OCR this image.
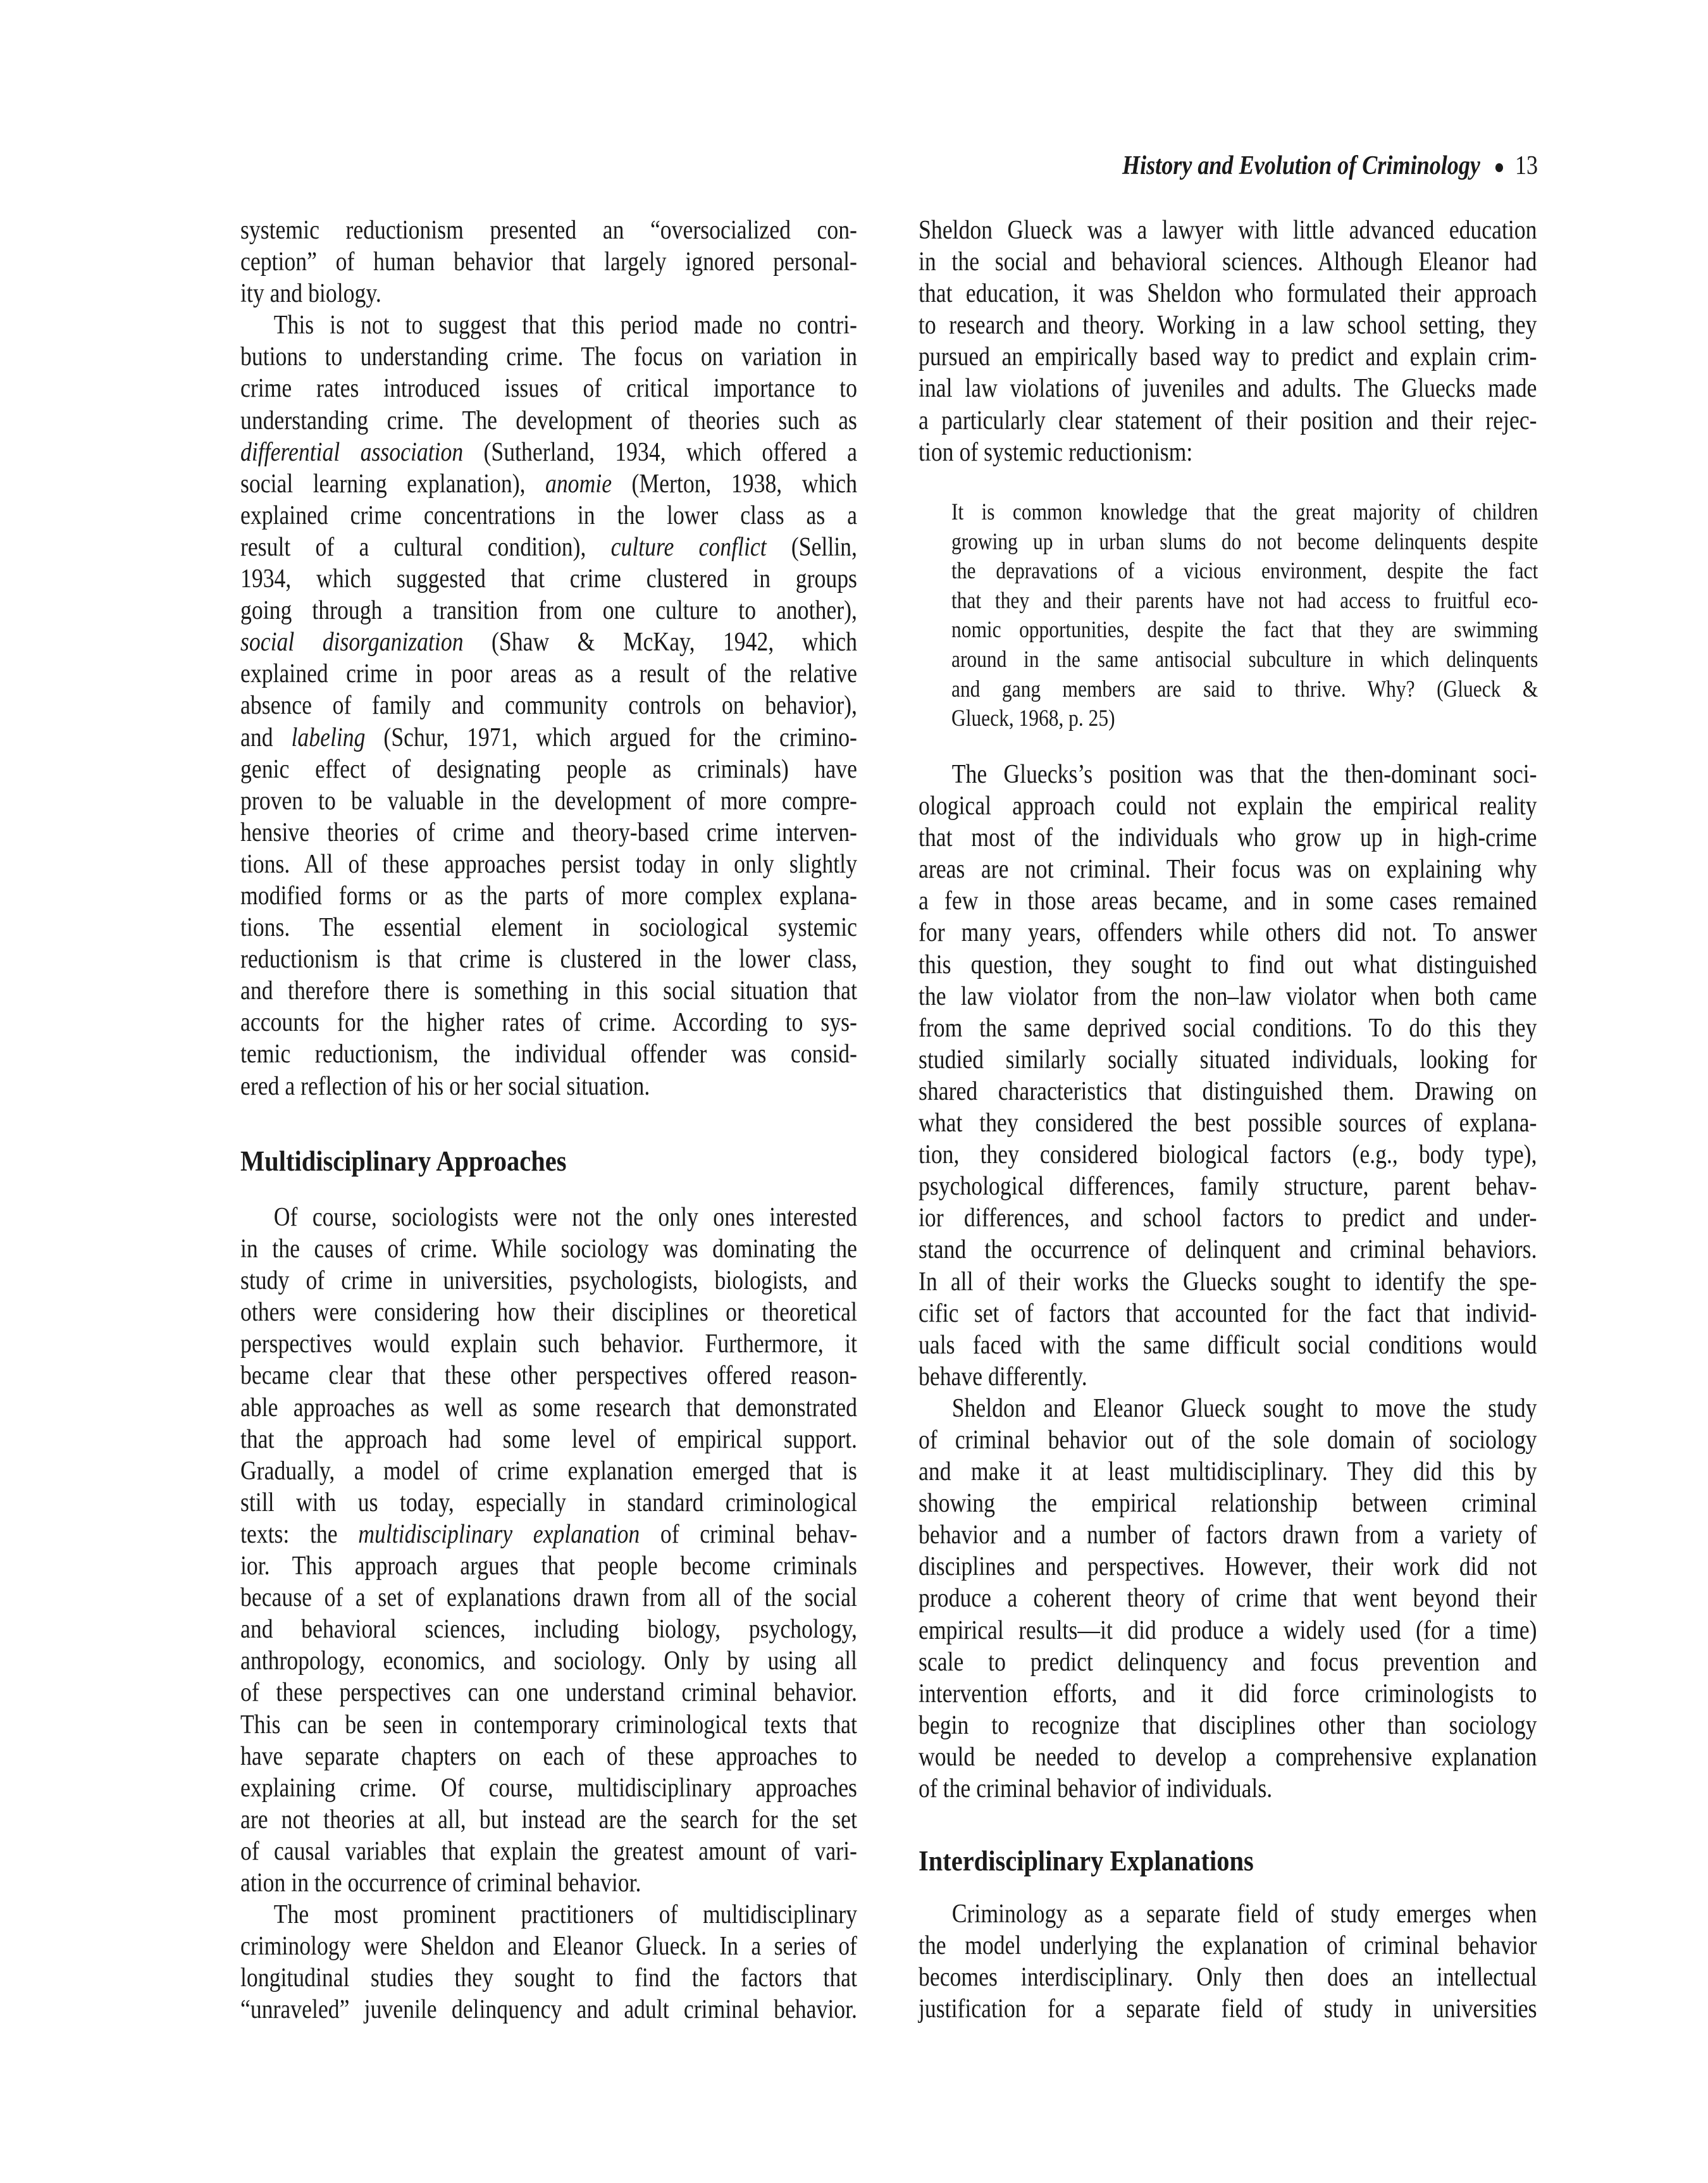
History and Evolution of Criminology 13
systemic reductionism presented an “oversocialized con-
ception” of human behavior that largely ignored personal-
ity and biology.
This is not to suggest that this period made no contri-
butions to understanding crime. The focus on variation in
crime rates introduced issues of critical importance to
understanding crime. The development of theories such as
differential association (Sutherland, 1934, which offered a
social learning explanation), anomie (Merton, 1938, which
explained crime concentrations in the lower class as a
result of a cultural condition), culture conflict (Sellin,
1934, which suggested that crime clustered in groups
going through a transition from one culture to another),
social disorganization (Shaw & McKay, 1942, which
explained crime in poor areas as a result of the relative
absence of family and community controls on behavior),
and labeling (Schur, 1971, which argued for the crimino-
genic effect of designating people as criminals) have
proven to be valuable in the development of more compre-
hensive theories of crime and theory-based crime interven-
tions. All of these approaches persist today in only slightly
modified forms or as the parts of more complex explana-
tions. The essential element in sociological systemic
reductionism is that crime is clustered in the lower class,
and therefore there is something in this social situation that
accounts for the higher rates of crime. According to sys-
temic reductionism, the individual offender was consid-
ered a reflection of his or her social situation.
Multidisciplinary Approaches
Of course, sociologists were not the only ones interested
in the causes of crime. While sociology was dominating the
study of crime in universities, psychologists, biologists, and
others were considering how their disciplines or theoretical
perspectives would explain such behavior. Furthermore, it
became clear that these other perspectives offered reason-
able approaches as well as some research that demonstrated
that the approach had some level of empirical support.
Gradually, a model of crime explanation emerged that is
still with us today, especially in standard criminological
texts: the multidisciplinary explanation of criminal behav-
ior. This approach argues that people become criminals
because of a set of explanations drawn from all of the social
and behavioral sciences, including biology, psychology,
anthropology, economics, and sociology. Only by using all
of these perspectives can one understand criminal behavior.
This can be seen in contemporary criminological texts that
have separate chapters on each of these approaches to
explaining crime. Of course, multidisciplinary approaches
are not theories at all, but instead are the search for the set
of causal variables that explain the greatest amount of vari-
ation in the occurrence of criminal behavior.
The most prominent practitioners of multidisciplinary
criminology were Sheldon and Eleanor Glueck. In a series of
longitudinal studies they sought to find the factors that
“unraveled” juvenile delinquency and adult criminal behavior.
Sheldon Glueck was a lawyer with little advanced education
in the social and behavioral sciences. Although Eleanor had
that education, it was Sheldon who formulated their approach
to research and theory. Working in a law school setting, they
pursued an empirically based way to predict and explain crim-
inal law violations of juveniles and adults. The Gluecks made
a particularly clear statement of their position and their rejec-
tion of systemic reductionism:
It is common knowledge that the great majority of children
growing up in urban slums do not become delinquents despite
the depravations of a vicious environment, despite the fact
that they and their parents have not had access to fruitful eco-
nomic opportunities, despite the fact that they are swimming
around in the same antisocial subculture in which delinquents
and gang members are said to thrive. Why? (Glueck &
Glueck, 1968, p. 25)
The Gluecks’s position was that the then-dominant soci-
ological approach could not explain the empirical reality
that most of the individuals who grow up in high-crime
areas are not criminal. Their focus was on explaining why
a few in those areas became, and in some cases remained
for many years, offenders while others did not. To answer
this question, they sought to find out what distinguished
the law violator from the non–law violator when both came
from the same deprived social conditions. To do this they
studied similarly socially situated individuals, looking for
shared characteristics that distinguished them. Drawing on
what they considered the best possible sources of explana-
tion, they considered biological factors (e.g., body type),
psychological differences, family structure, parent behav-
ior differences, and school factors to predict and under-
stand the occurrence of delinquent and criminal behaviors.
In all of their works the Gluecks sought to identify the spe-
cific set of factors that accounted for the fact that individ-
uals faced with the same difficult social conditions would
behave differently.
Sheldon and Eleanor Glueck sought to move the study
of criminal behavior out of the sole domain of sociology
and make it at least multidisciplinary. They did this by
showing the empirical relationship between criminal
behavior and a number of factors drawn from a variety of
disciplines and perspectives. However, their work did not
produce a coherent theory of crime that went beyond their
empirical results—it did produce a widely used (for a time)
scale to predict delinquency and focus prevention and
intervention efforts, and it did force criminologists to
begin to recognize that disciplines other than sociology
would be needed to develop a comprehensive explanation
of the criminal behavior of individuals.
Interdisciplinary Explanations
Criminology as a separate field of study emerges when
the model underlying the explanation of criminal behavior
becomes interdisciplinary. Only then does an intellectual
justification for a separate field of study in universities
